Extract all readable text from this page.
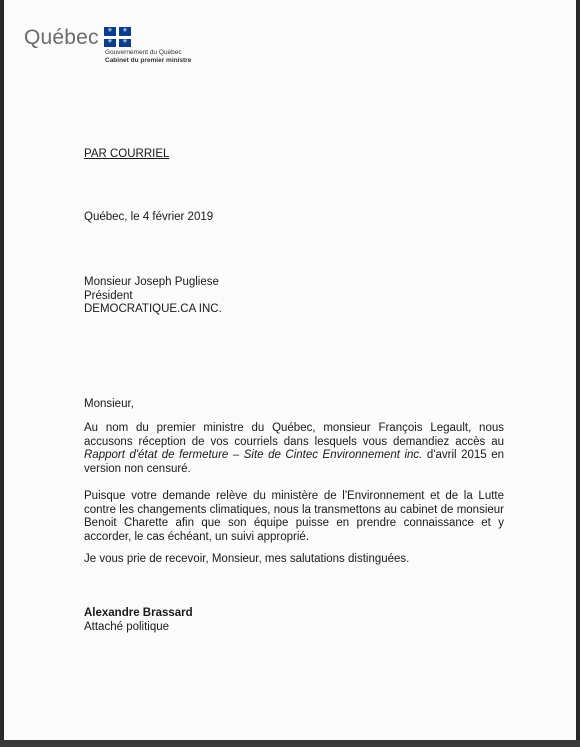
Québec ⚜ ⚜
⚜ ⚜
Gouvernement du Québec
Cabinet du premier ministre
PAR COURRIEL
Québec, le 4 février 2019
Monsieur Joseph Pugliese
Président
DEMOCRATIQUE.CA INC.
Monsieur,
Au nom du premier ministre du Québec, monsieur François Legault, nous accusons réception de vos courriels dans lesquels vous demandiez accès au Rapport d'état de fermeture – Site de Cintec Environnement inc. d'avril 2015 en version non censuré.
Puisque votre demande relève du ministère de l'Environnement et de la Lutte contre les changements climatiques, nous la transmettons au cabinet de monsieur Benoit Charette afin que son équipe puisse en prendre connaissance et y accorder, le cas échéant, un suivi approprié.
Je vous prie de recevoir, Monsieur, mes salutations distinguées.
Alexandre Brassard
Attaché politique
